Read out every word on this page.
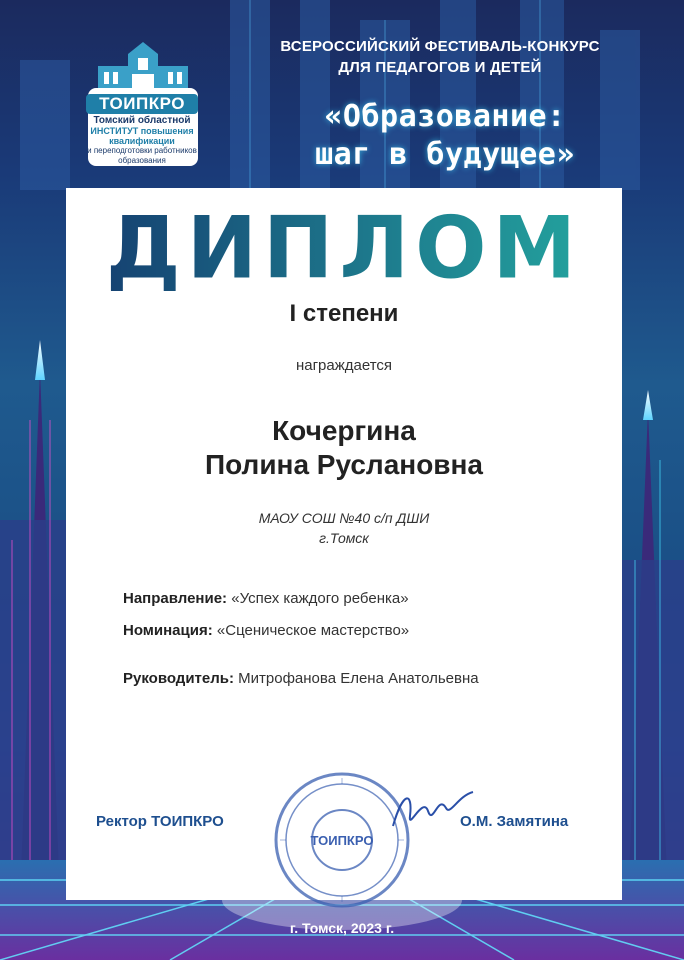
ТОИПКРО
Томский областной
ИНСТИТУТ повышения квалификации
и переподготовки работников образования
ВСЕРОССИЙСКИЙ ФЕСТИВАЛЬ-КОНКУРС
ДЛЯ ПЕДАГОГОВ И ДЕТЕЙ
«Образование:
шаг в будущее»
ДИПЛОМ
I степени
награждается
Кочергина
Полина Руслановна
МАОУ СОШ №40 с/п ДШИ
г.Томск
Направление: «Успех каждого ребенка»
Номинация: «Сценическое мастерство»
Руководитель: Митрофанова Елена Анатольевна
ТОИПКРО
Ректор ТОИПКРО	О.М. Замятина
г. Томск, 2023 г.
